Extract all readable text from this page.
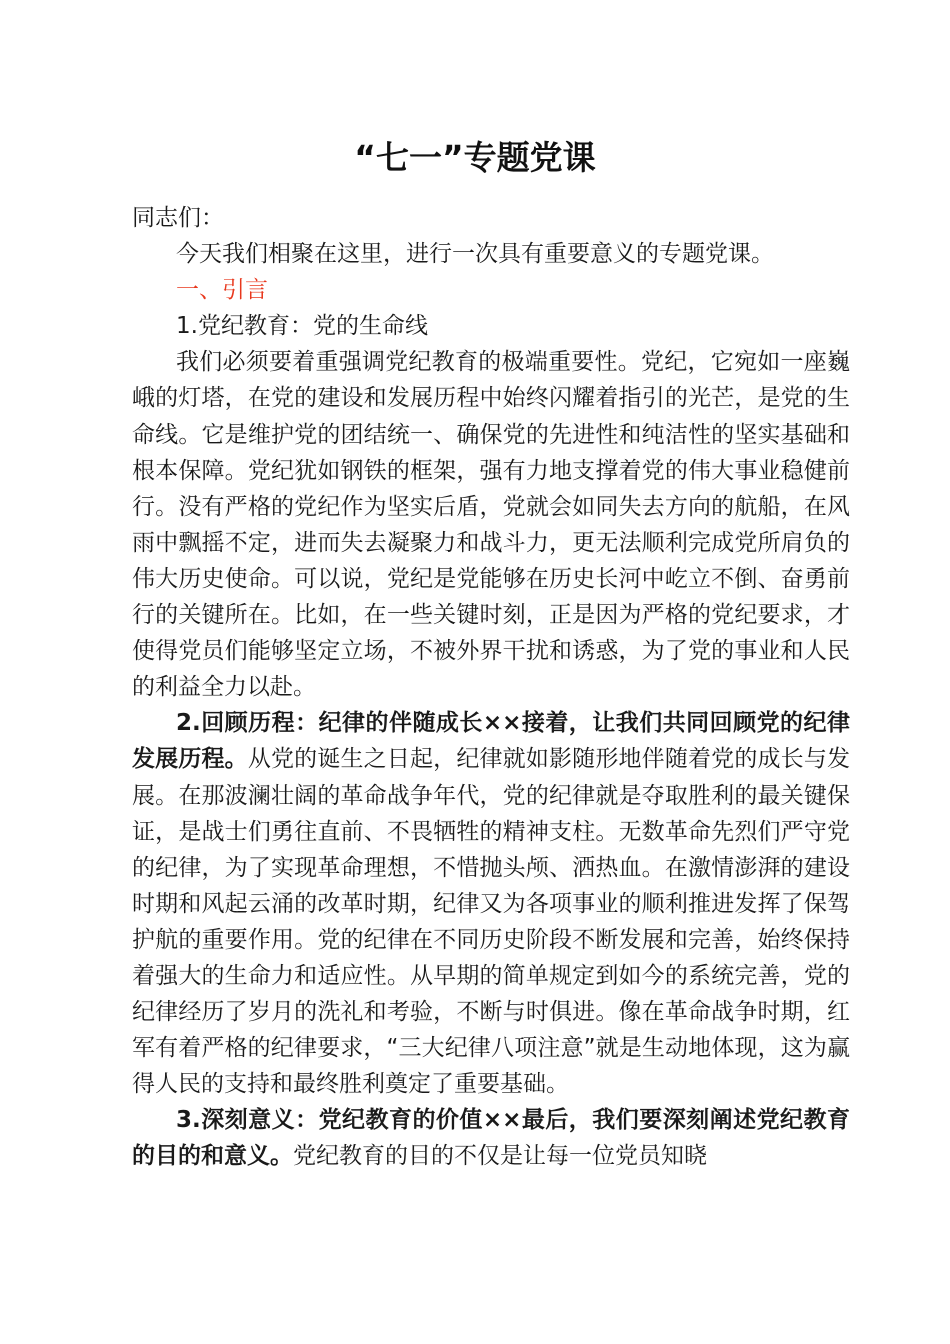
“七一”专题党课

同志们：

今天我们相聚在这里，进行一次具有重要意义的专题党课。

一、引言

1.党纪教育：党的生命线

我们必须要着重强调党纪教育的极端重要性。党纪，它宛如一座巍峨的灯塔，在党的建设和发展历程中始终闪耀着指引的光芒，是党的生命线。它是维护党的团结统一、确保党的先进性和纯洁性的坚实基础和根本保障。党纪犹如钢铁的框架，强有力地支撑着党的伟大事业稳健前行。没有严格的党纪作为坚实后盾，党就会如同失去方向的航船，在风雨中飘摇不定，进而失去凝聚力和战斗力，更无法顺利完成党所肩负的伟大历史使命。可以说，党纪是党能够在历史长河中屹立不倒、奋勇前行的关键所在。比如，在一些关键时刻，正是因为严格的党纪要求，才使得党员们能够坚定立场，不被外界干扰和诱惑，为了党的事业和人民的利益全力以赴。

2.回顾历程：纪律的伴随成长××接着，让我们共同回顾党的纪律发展历程。从党的诞生之日起，纪律就如影随形地伴随着党的成长与发展。在那波澜壮阔的革命战争年代，党的纪律就是夺取胜利的最关键保证，是战士们勇往直前、不畏牺牲的精神支柱。无数革命先烈们严守党的纪律，为了实现革命理想，不惜抛头颅、洒热血。在激情澎湃的建设时期和风起云涌的改革时期，纪律又为各项事业的顺利推进发挥了保驾护航的重要作用。党的纪律在不同历史阶段不断发展和完善，始终保持着强大的生命力和适应性。从早期的简单规定到如今的系统完善，党的纪律经历了岁月的洗礼和考验，不断与时俱进。像在革命战争时期，红军有着严格的纪律要求，“三大纪律八项注意”就是生动地体现，这为赢得人民的支持和最终胜利奠定了重要基础。

3.深刻意义：党纪教育的价值××最后，我们要深刻阐述党纪教育的目的和意义。党纪教育的目的不仅是让每一位党员知晓
